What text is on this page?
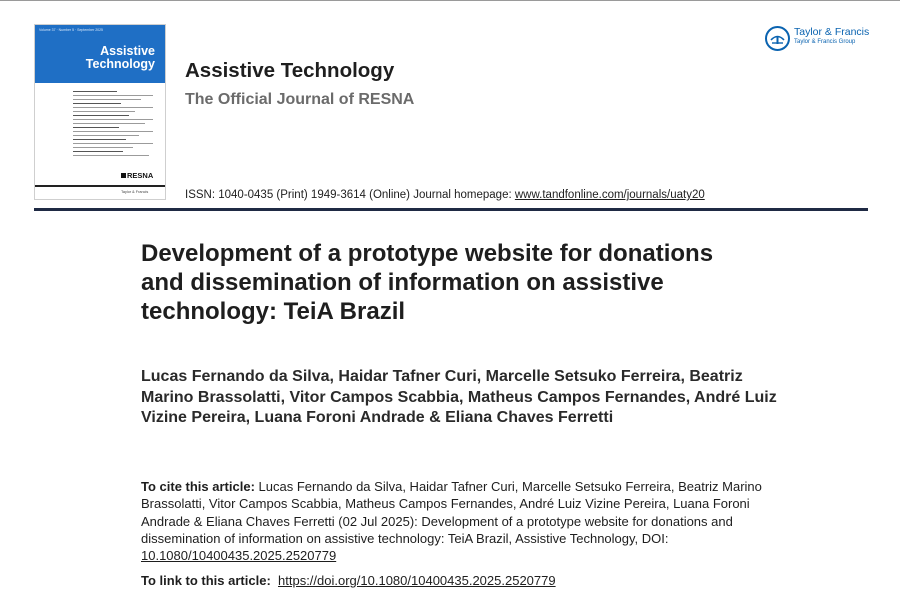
Volume 37 · Number 5 · September 2025
Assistive
Technology
RESNA
Taylor & Francis
Assistive Technology
The Official Journal of RESNA
Taylor & Francis
Taylor & Francis Group
ISSN: 1040-0435 (Print) 1949-3614 (Online) Journal homepage: www.tandfonline.com/journals/uaty20
Development of a prototype website for donations and dissemination of information on assistive technology: TeiA Brazil
Lucas Fernando da Silva, Haidar Tafner Curi, Marcelle Setsuko Ferreira, Beatriz Marino Brassolatti, Vitor Campos Scabbia, Matheus Campos Fernandes, André Luiz Vizine Pereira, Luana Foroni Andrade & Eliana Chaves Ferretti
To cite this article: Lucas Fernando da Silva, Haidar Tafner Curi, Marcelle Setsuko Ferreira, Beatriz Marino Brassolatti, Vitor Campos Scabbia, Matheus Campos Fernandes, André Luiz Vizine Pereira, Luana Foroni Andrade & Eliana Chaves Ferretti (02 Jul 2025): Development of a prototype website for donations and dissemination of information on assistive technology: TeiA Brazil, Assistive Technology, DOI: 10.1080/10400435.2025.2520779
To link to this article: https://doi.org/10.1080/10400435.2025.2520779
